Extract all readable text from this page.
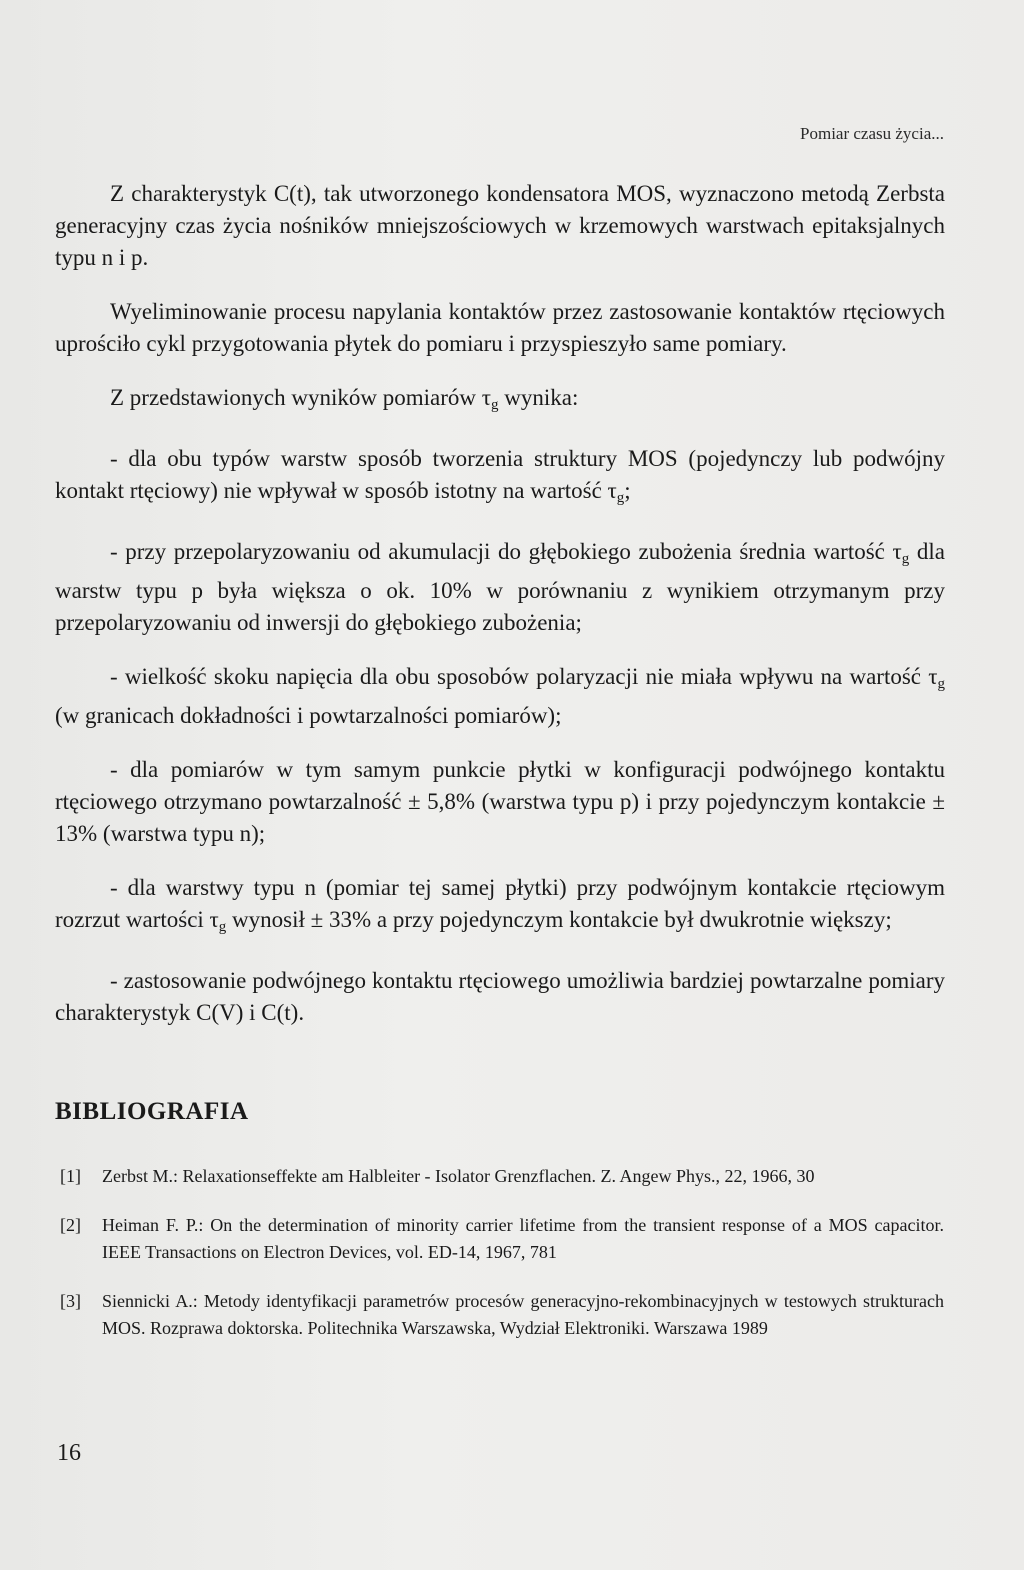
Pomiar czasu życia...

Z charakterystyk C(t), tak utworzonego kondensatora MOS, wyznaczono metodą Zerbsta generacyjny czas życia nośników mniejszościowych w krzemowych warstwach epitaksjalnych typu n i p.

Wyeliminowanie procesu napylania kontaktów przez zastosowanie kontaktów rtęciowych uprościło cykl przygotowania płytek do pomiaru i przyspieszyło same pomiary.

Z przedstawionych wyników pomiarów τg wynika:

- dla obu typów warstw sposób tworzenia struktury MOS (pojedynczy lub podwójny kontakt rtęciowy) nie wpływał w sposób istotny na wartość τg;

- przy przepolaryzowaniu od akumulacji do głębokiego zubożenia średnia wartość τg dla warstw typu p była większa o ok. 10% w porównaniu z wynikiem otrzymanym przy przepolaryzowaniu od inwersji do głębokiego zubożenia;

- wielkość skoku napięcia dla obu sposobów polaryzacji nie miała wpływu na wartość τg (w granicach dokładności i powtarzalności pomiarów);

- dla pomiarów w tym samym punkcie płytki w konfiguracji podwójnego kontaktu rtęciowego otrzymano powtarzalność ± 5,8% (warstwa typu p) i przy pojedynczym kontakcie ± 13% (warstwa typu n);

- dla warstwy typu n (pomiar tej samej płytki) przy podwójnym kontakcie rtęciowym rozrzut wartości τg wynosił ± 33% a przy pojedynczym kontakcie był dwukrotnie większy;

- zastosowanie podwójnego kontaktu rtęciowego umożliwia bardziej powtarzalne pomiary charakterystyk C(V) i C(t).

BIBLIOGRAFIA
[1] Zerbst M.: Relaxationseffekte am Halbleiter - Isolator Grenzflachen. Z. Angew Phys., 22, 1966, 30
[2] Heiman F. P.: On the determination of minority carrier lifetime from the transient response of a MOS capacitor. IEEE Transactions on Electron Devices, vol. ED-14, 1967, 781
[3] Siennicki A.: Metody identyfikacji parametrów procesów generacyjno-rekombinacyjnych w testowych strukturach MOS. Rozprawa doktorska. Politechnika Warszawska, Wydział Elektroniki. Warszawa 1989
16
